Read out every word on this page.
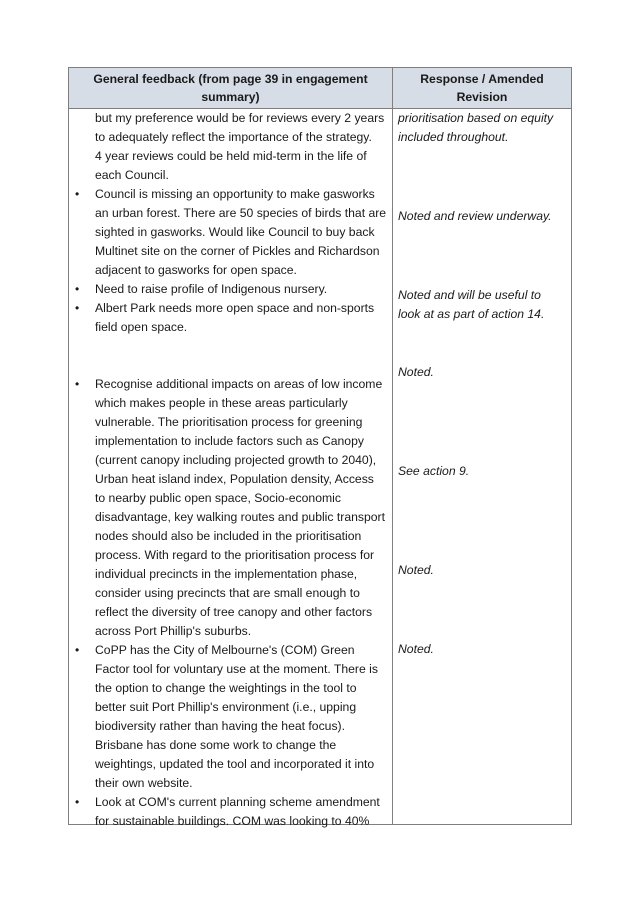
General feedback (from page 39 in engagement
summary)
Response / Amended
Revision
but my preference would be for reviews every 2 years
to adequately reflect the importance of the strategy.
4 year reviews could be held mid-term in the life of
each Council.
• Council is missing an opportunity to make gasworks
an urban forest. There are 50 species of birds that are
sighted in gasworks. Would like Council to buy back
Multinet site on the corner of Pickles and Richardson
adjacent to gasworks for open space.
• Need to raise profile of Indigenous nursery.
• Albert Park needs more open space and non-sports
field open space.
• Recognise additional impacts on areas of low income
which makes people in these areas particularly
vulnerable. The prioritisation process for greening
implementation to include factors such as Canopy
(current canopy including projected growth to 2040),
Urban heat island index, Population density, Access
to nearby public open space, Socio-economic
disadvantage, key walking routes and public transport
nodes should also be included in the prioritisation
process. With regard to the prioritisation process for
individual precincts in the implementation phase,
consider using precincts that are small enough to
reflect the diversity of tree canopy and other factors
across Port Phillip's suburbs.
• CoPP has the City of Melbourne's (COM) Green
Factor tool for voluntary use at the moment. There is
the option to change the weightings in the tool to
better suit Port Phillip's environment (i.e., upping
biodiversity rather than having the heat focus).
Brisbane has done some work to change the
weightings, updated the tool and incorporated it into
their own website.
• Look at COM's current planning scheme amendment
for sustainable buildings. COM was looking to 40%
prioritisation based on equity
included throughout.
Noted and review underway.
Noted and will be useful to
look at as part of action 14.
Noted.
See action 9.
Noted.
Noted.
